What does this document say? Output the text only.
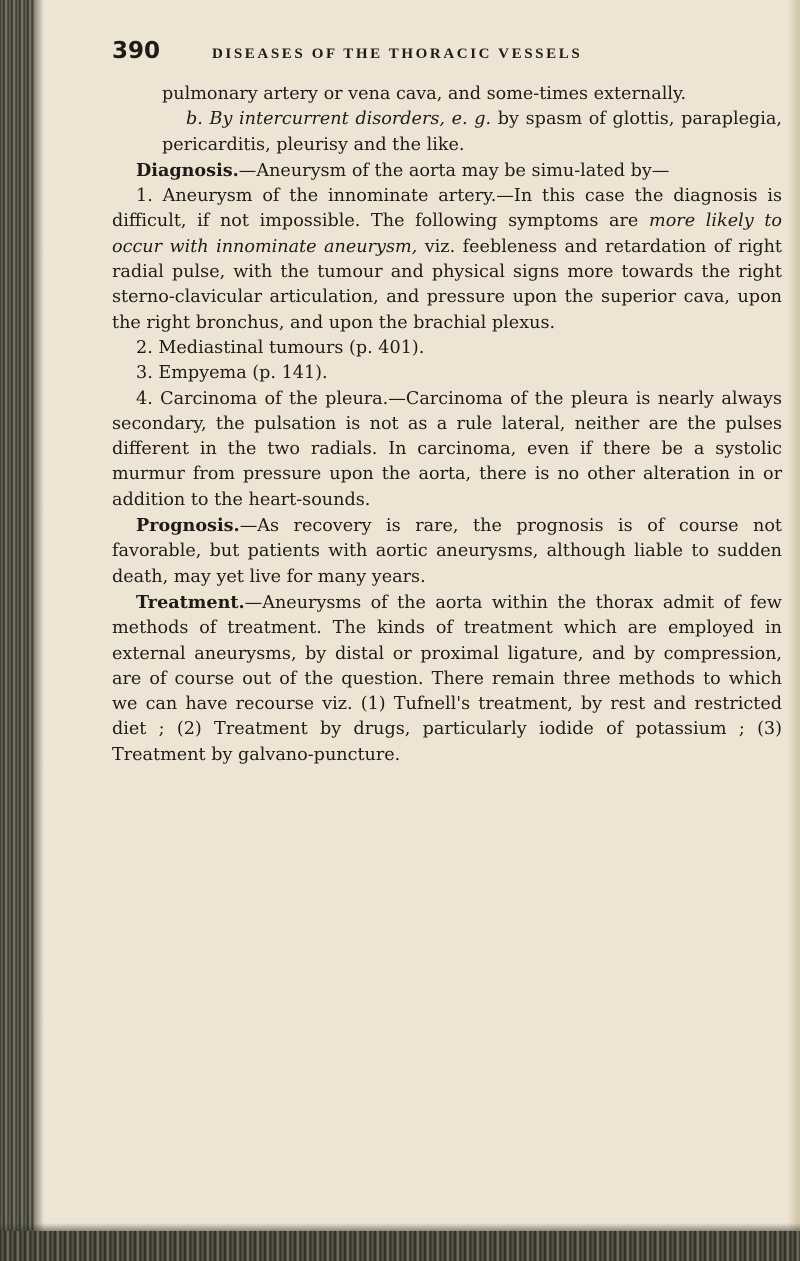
390	DISEASES OF THE THORACIC VESSELS

pulmonary artery or vena cava, and some-times externally.

b. By intercurrent disorders, e. g. by spasm of glottis, paraplegia, pericarditis, pleurisy and the like.

Diagnosis.—Aneurysm of the aorta may be simu-lated by—

1. Aneurysm of the innominate artery.—In this case the diagnosis is difficult, if not impossible. The following symptoms are more likely to occur with innominate aneurysm, viz. feebleness and retardation of right radial pulse, with the tumour and physical signs more towards the right sterno-clavicular articulation, and pressure upon the superior cava, upon the right bronchus, and upon the brachial plexus.

2. Mediastinal tumours (p. 401).

3. Empyema (p. 141).

4. Carcinoma of the pleura.—Carcinoma of the pleura is nearly always secondary, the pulsation is not as a rule lateral, neither are the pulses different in the two radials. In carcinoma, even if there be a systolic murmur from pressure upon the aorta, there is no other alteration in or addition to the heart-sounds.

Prognosis.—As recovery is rare, the prognosis is of course not favorable, but patients with aortic aneurysms, although liable to sudden death, may yet live for many years.

Treatment.—Aneurysms of the aorta within the thorax admit of few methods of treatment. The kinds of treatment which are employed in external aneurysms, by distal or proximal ligature, and by compression, are of course out of the question. There remain three methods to which we can have recourse viz. (1) Tufnell's treatment, by rest and restricted diet ; (2) Treatment by drugs, particularly iodide of potassium ; (3) Treatment by galvano-puncture.
